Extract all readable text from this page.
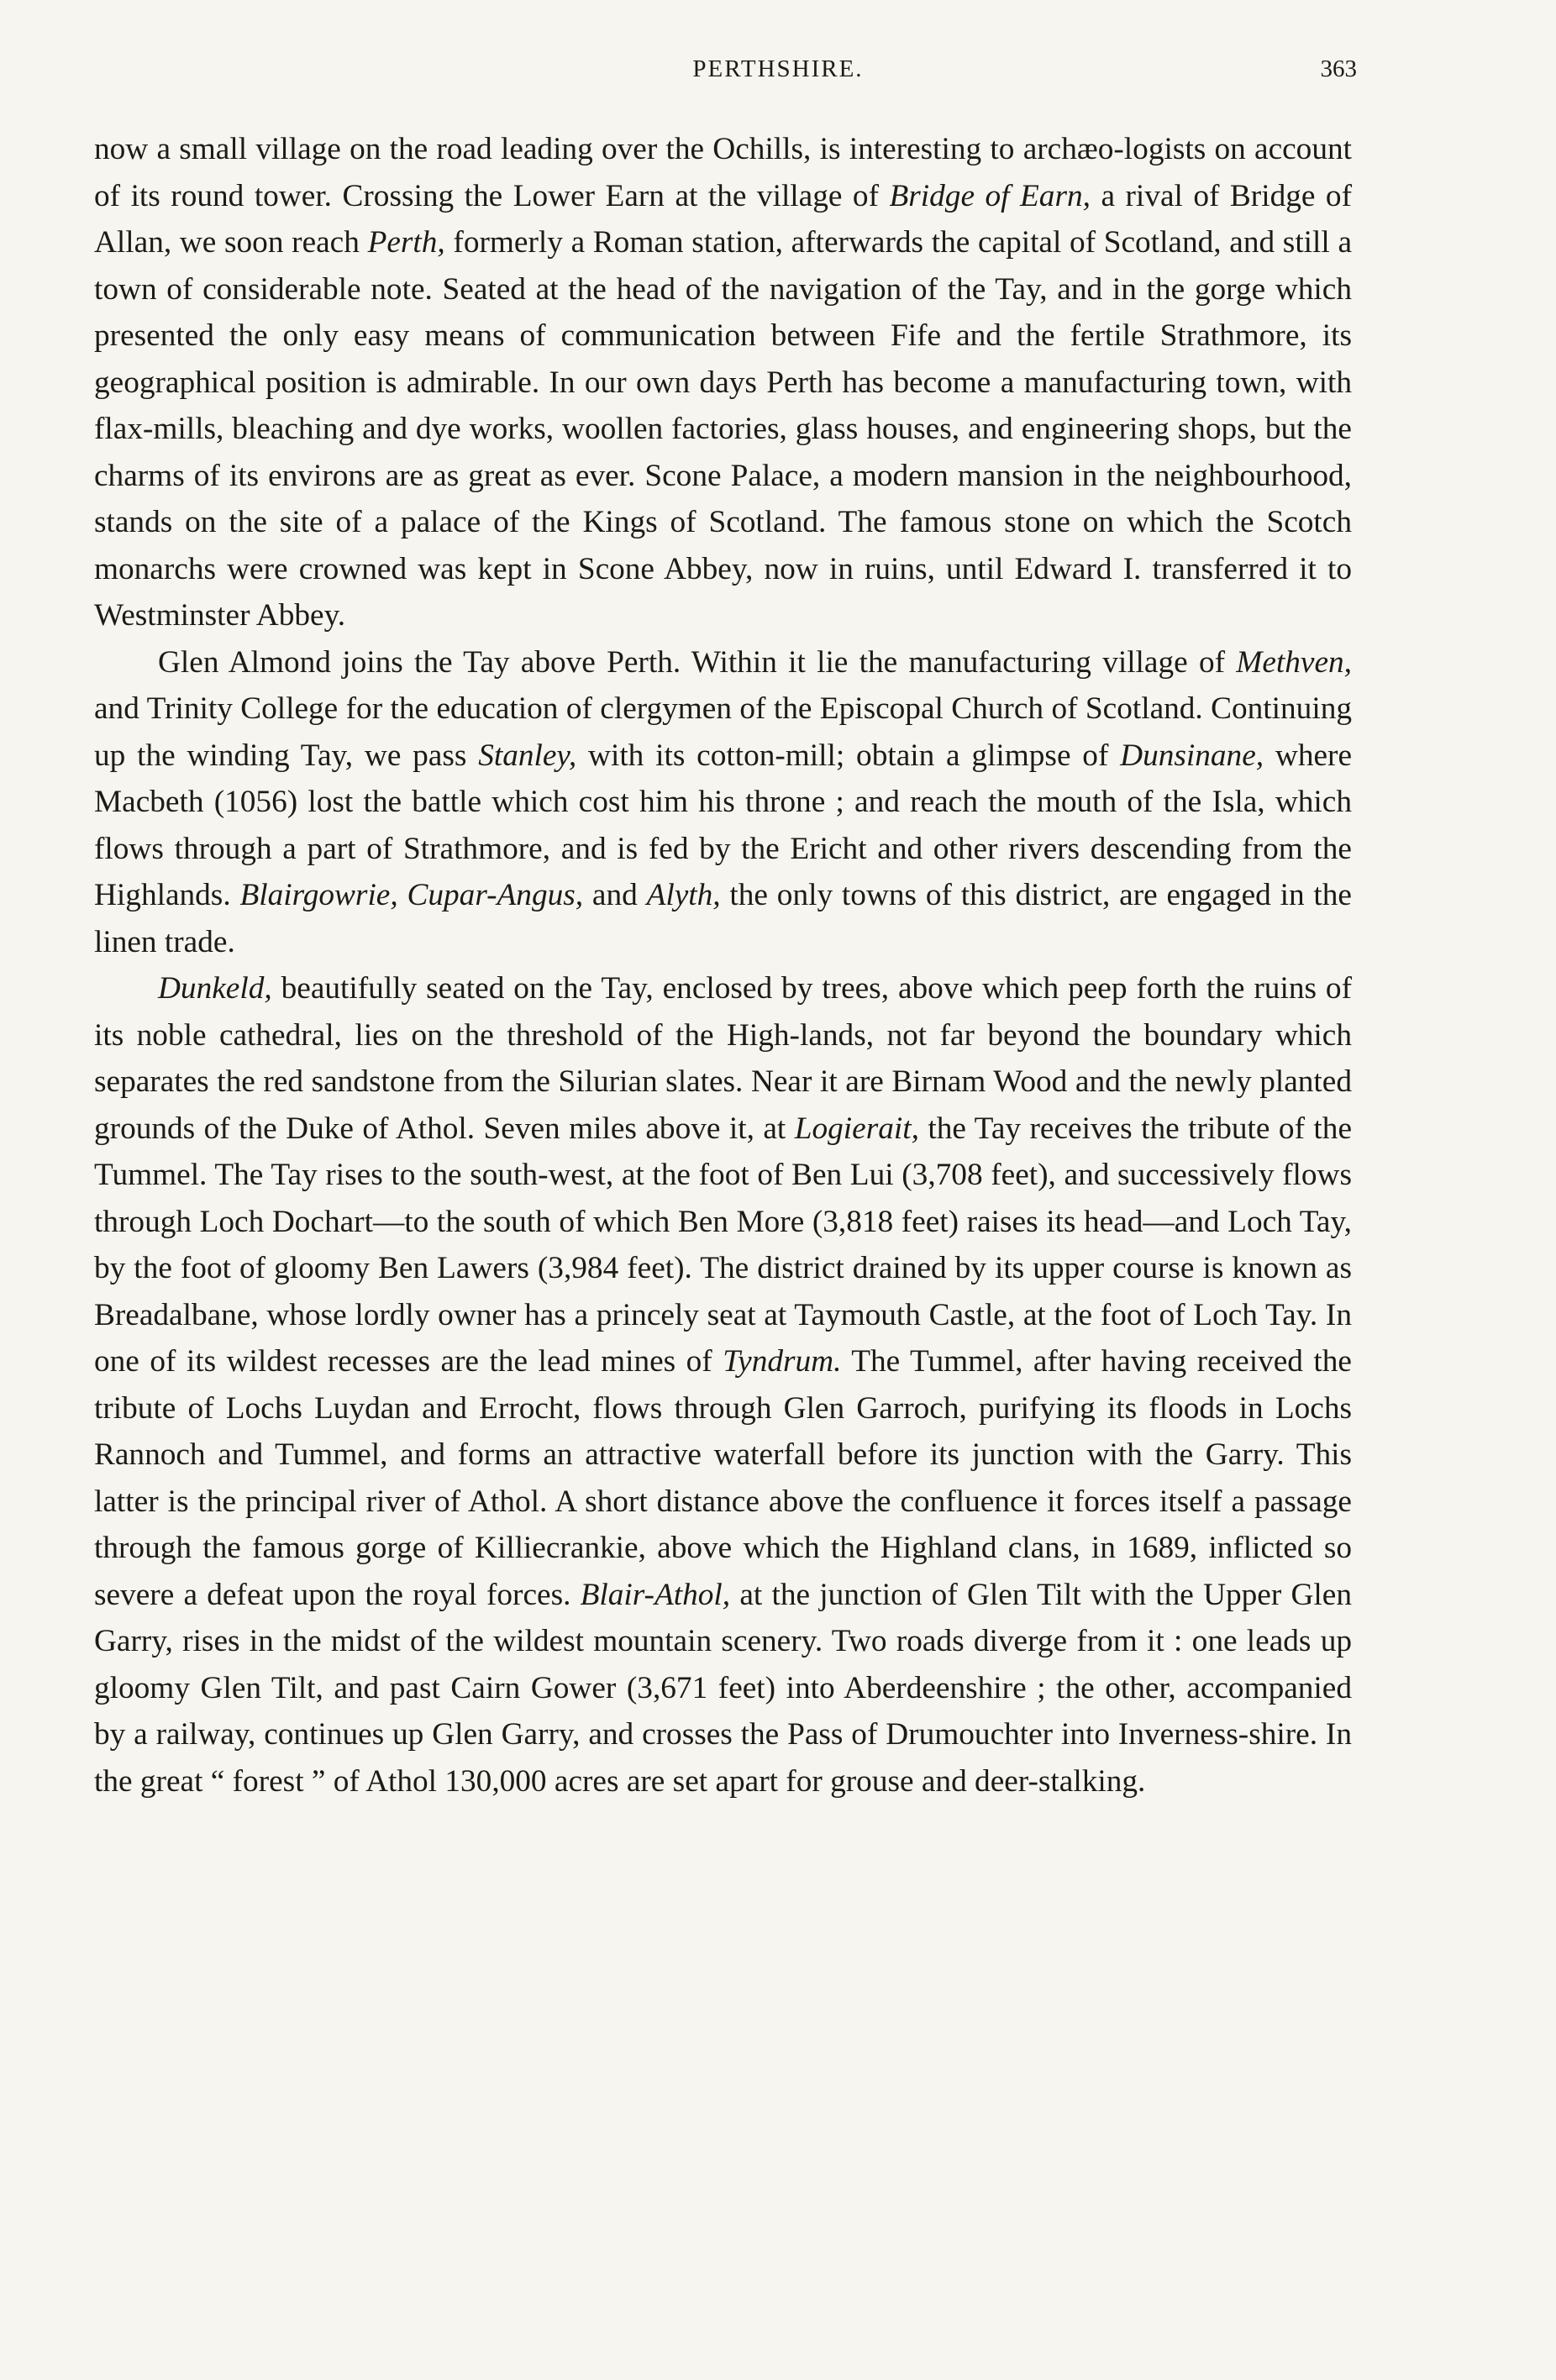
PERTHSHIRE.	363

now a small village on the road leading over the Ochills, is interesting to archæo-logists on account of its round tower. Crossing the Lower Earn at the village of Bridge of Earn, a rival of Bridge of Allan, we soon reach Perth, formerly a Roman station, afterwards the capital of Scotland, and still a town of considerable note. Seated at the head of the navigation of the Tay, and in the gorge which presented the only easy means of communication between Fife and the fertile Strathmore, its geographical position is admirable. In our own days Perth has become a manufacturing town, with flax-mills, bleaching and dye works, woollen factories, glass houses, and engineering shops, but the charms of its environs are as great as ever. Scone Palace, a modern mansion in the neighbourhood, stands on the site of a palace of the Kings of Scotland. The famous stone on which the Scotch monarchs were crowned was kept in Scone Abbey, now in ruins, until Edward I. transferred it to Westminster Abbey.

Glen Almond joins the Tay above Perth. Within it lie the manufacturing village of Methven, and Trinity College for the education of clergymen of the Episcopal Church of Scotland. Continuing up the winding Tay, we pass Stanley, with its cotton-mill; obtain a glimpse of Dunsinane, where Macbeth (1056) lost the battle which cost him his throne ; and reach the mouth of the Isla, which flows through a part of Strathmore, and is fed by the Ericht and other rivers descending from the Highlands. Blairgowrie, Cupar-Angus, and Alyth, the only towns of this district, are engaged in the linen trade.

Dunkeld, beautifully seated on the Tay, enclosed by trees, above which peep forth the ruins of its noble cathedral, lies on the threshold of the High-lands, not far beyond the boundary which separates the red sandstone from the Silurian slates. Near it are Birnam Wood and the newly planted grounds of the Duke of Athol. Seven miles above it, at Logierait, the Tay receives the tribute of the Tummel. The Tay rises to the south-west, at the foot of Ben Lui (3,708 feet), and successively flows through Loch Dochart—to the south of which Ben More (3,818 feet) raises its head—and Loch Tay, by the foot of gloomy Ben Lawers (3,984 feet). The district drained by its upper course is known as Breadalbane, whose lordly owner has a princely seat at Taymouth Castle, at the foot of Loch Tay. In one of its wildest recesses are the lead mines of Tyndrum. The Tummel, after having received the tribute of Lochs Luydan and Errocht, flows through Glen Garroch, purifying its floods in Lochs Rannoch and Tummel, and forms an attractive waterfall before its junction with the Garry. This latter is the principal river of Athol. A short distance above the confluence it forces itself a passage through the famous gorge of Killiecrankie, above which the Highland clans, in 1689, inflicted so severe a defeat upon the royal forces. Blair-Athol, at the junction of Glen Tilt with the Upper Glen Garry, rises in the midst of the wildest mountain scenery. Two roads diverge from it : one leads up gloomy Glen Tilt, and past Cairn Gower (3,671 feet) into Aberdeenshire ; the other, accompanied by a railway, continues up Glen Garry, and crosses the Pass of Drumouchter into Inverness-shire. In the great “ forest ” of Athol 130,000 acres are set apart for grouse and deer-stalking.
